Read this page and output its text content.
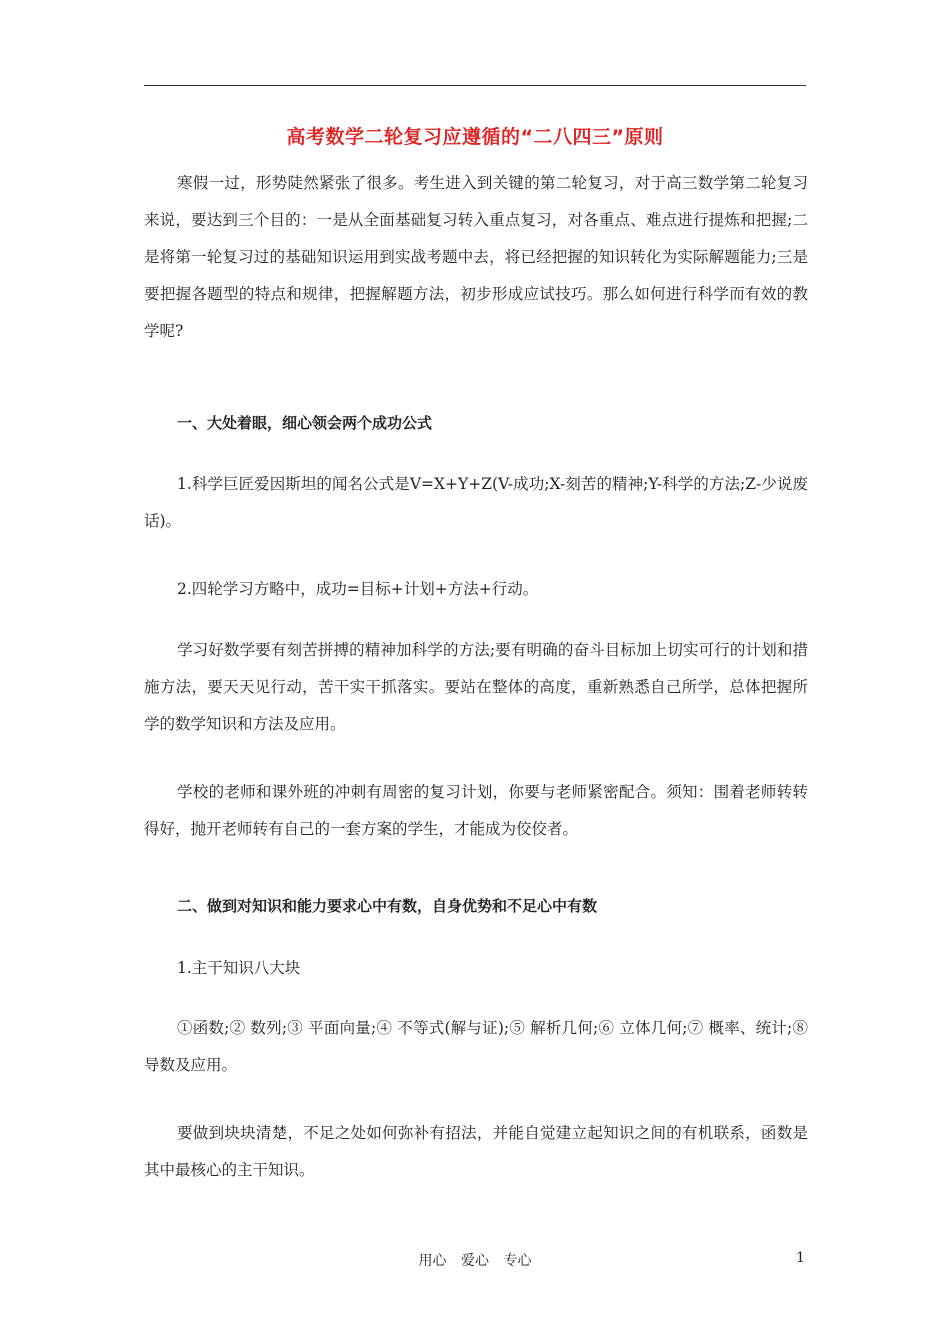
高考数学二轮复习应遵循的“二八四三”原则

寒假一过，形势陡然紧张了很多。考生进入到关键的第二轮复习，对于高三数学第二轮复习来说，要达到三个目的：一是从全面基础复习转入重点复习，对各重点、难点进行提炼和把握;二是将第一轮复习过的基础知识运用到实战考题中去，将已经把握的知识转化为实际解题能力;三是要把握各题型的特点和规律，把握解题方法，初步形成应试技巧。那么如何进行科学而有效的教学呢?

一、大处着眼，细心领会两个成功公式

1.科学巨匠爱因斯坦的闻名公式是V=X+Y+Z(V-成功;X-刻苦的精神;Y-科学的方法;Z-少说废话)。

2.四轮学习方略中，成功=目标+计划+方法+行动。

学习好数学要有刻苦拼搏的精神加科学的方法;要有明确的奋斗目标加上切实可行的计划和措施方法，要天天见行动，苦干实干抓落实。要站在整体的高度，重新熟悉自己所学，总体把握所学的数学知识和方法及应用。

学校的老师和课外班的冲刺有周密的复习计划，你要与老师紧密配合。须知：围着老师转转得好，抛开老师转有自己的一套方案的学生，才能成为佼佼者。

二、做到对知识和能力要求心中有数，自身优势和不足心中有数

1.主干知识八大块

①函数;② 数列;③ 平面向量;④ 不等式(解与证);⑤ 解析几何;⑥ 立体几何;⑦ 概率、统计;⑧ 导数及应用。

要做到块块清楚，不足之处如何弥补有招法，并能自觉建立起知识之间的有机联系，函数是其中最核心的主干知识。

用心 爱心 专心	1
